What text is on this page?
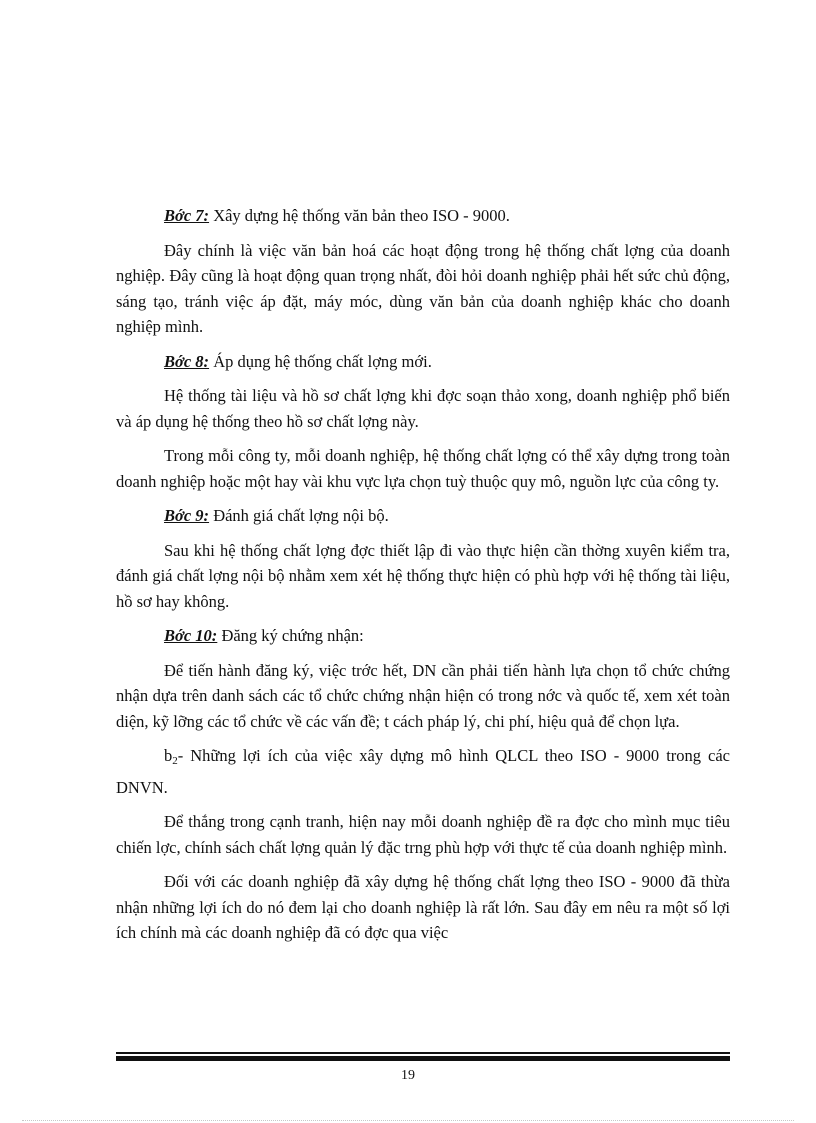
Bớc 7: Xây dựng hệ thống văn bản theo ISO - 9000.

Đây chính là việc văn bản hoá các hoạt động trong hệ thống chất lợng của doanh nghiệp. Đây cũng là hoạt động quan trọng nhất, đòi hỏi doanh nghiệp phải hết sức chủ động, sáng tạo, tránh việc áp đặt, máy móc, dùng văn bản của doanh nghiệp khác cho doanh nghiệp mình.

Bớc 8: Áp dụng hệ thống chất lợng mới.

Hệ thống tài liệu và hồ sơ chất lợng khi đợc soạn thảo xong, doanh nghiệp phổ biến và áp dụng hệ thống theo hồ sơ chất lợng này.

Trong mỗi công ty, mỗi doanh nghiệp, hệ thống chất lợng có thể xây dựng trong toàn doanh nghiệp hoặc một hay vài khu vực lựa chọn tuỳ thuộc quy mô, nguồn lực của công ty.

Bớc 9: Đánh giá chất lợng nội bộ.

Sau khi hệ thống chất lợng đợc thiết lập đi vào thực hiện cần thờng xuyên kiểm tra, đánh giá chất lợng nội bộ nhằm xem xét hệ thống thực hiện có phù hợp với hệ thống tài liệu, hồ sơ hay không.

Bớc 10: Đăng ký chứng nhận:

Để tiến hành đăng ký, việc trớc hết, DN cần phải tiến hành lựa chọn tổ chức chứng nhận dựa trên danh sách các tổ chức chứng nhận hiện có trong nớc và quốc tế, xem xét toàn diện, kỹ lỡng các tổ chức về các vấn đề; t cách pháp lý, chi phí, hiệu quả để chọn lựa.

$b_2-$ Những lợi ích của việc xây dựng mô hình QLCL theo ISO - 9000 trong các DNVN.

Để thắng trong cạnh tranh, hiện nay mỗi doanh nghiệp đề ra đợc cho mình mục tiêu chiến lợc, chính sách chất lợng quản lý đặc trng phù hợp với thực tế của doanh nghiệp mình.

Đối với các doanh nghiệp đã xây dựng hệ thống chất lợng theo ISO - 9000 đã thừa nhận những lợi ích do nó đem lại cho doanh nghiệp là rất lớn. Sau đây em nêu ra một số lợi ích chính mà các doanh nghiệp đã có đợc qua việc

19
